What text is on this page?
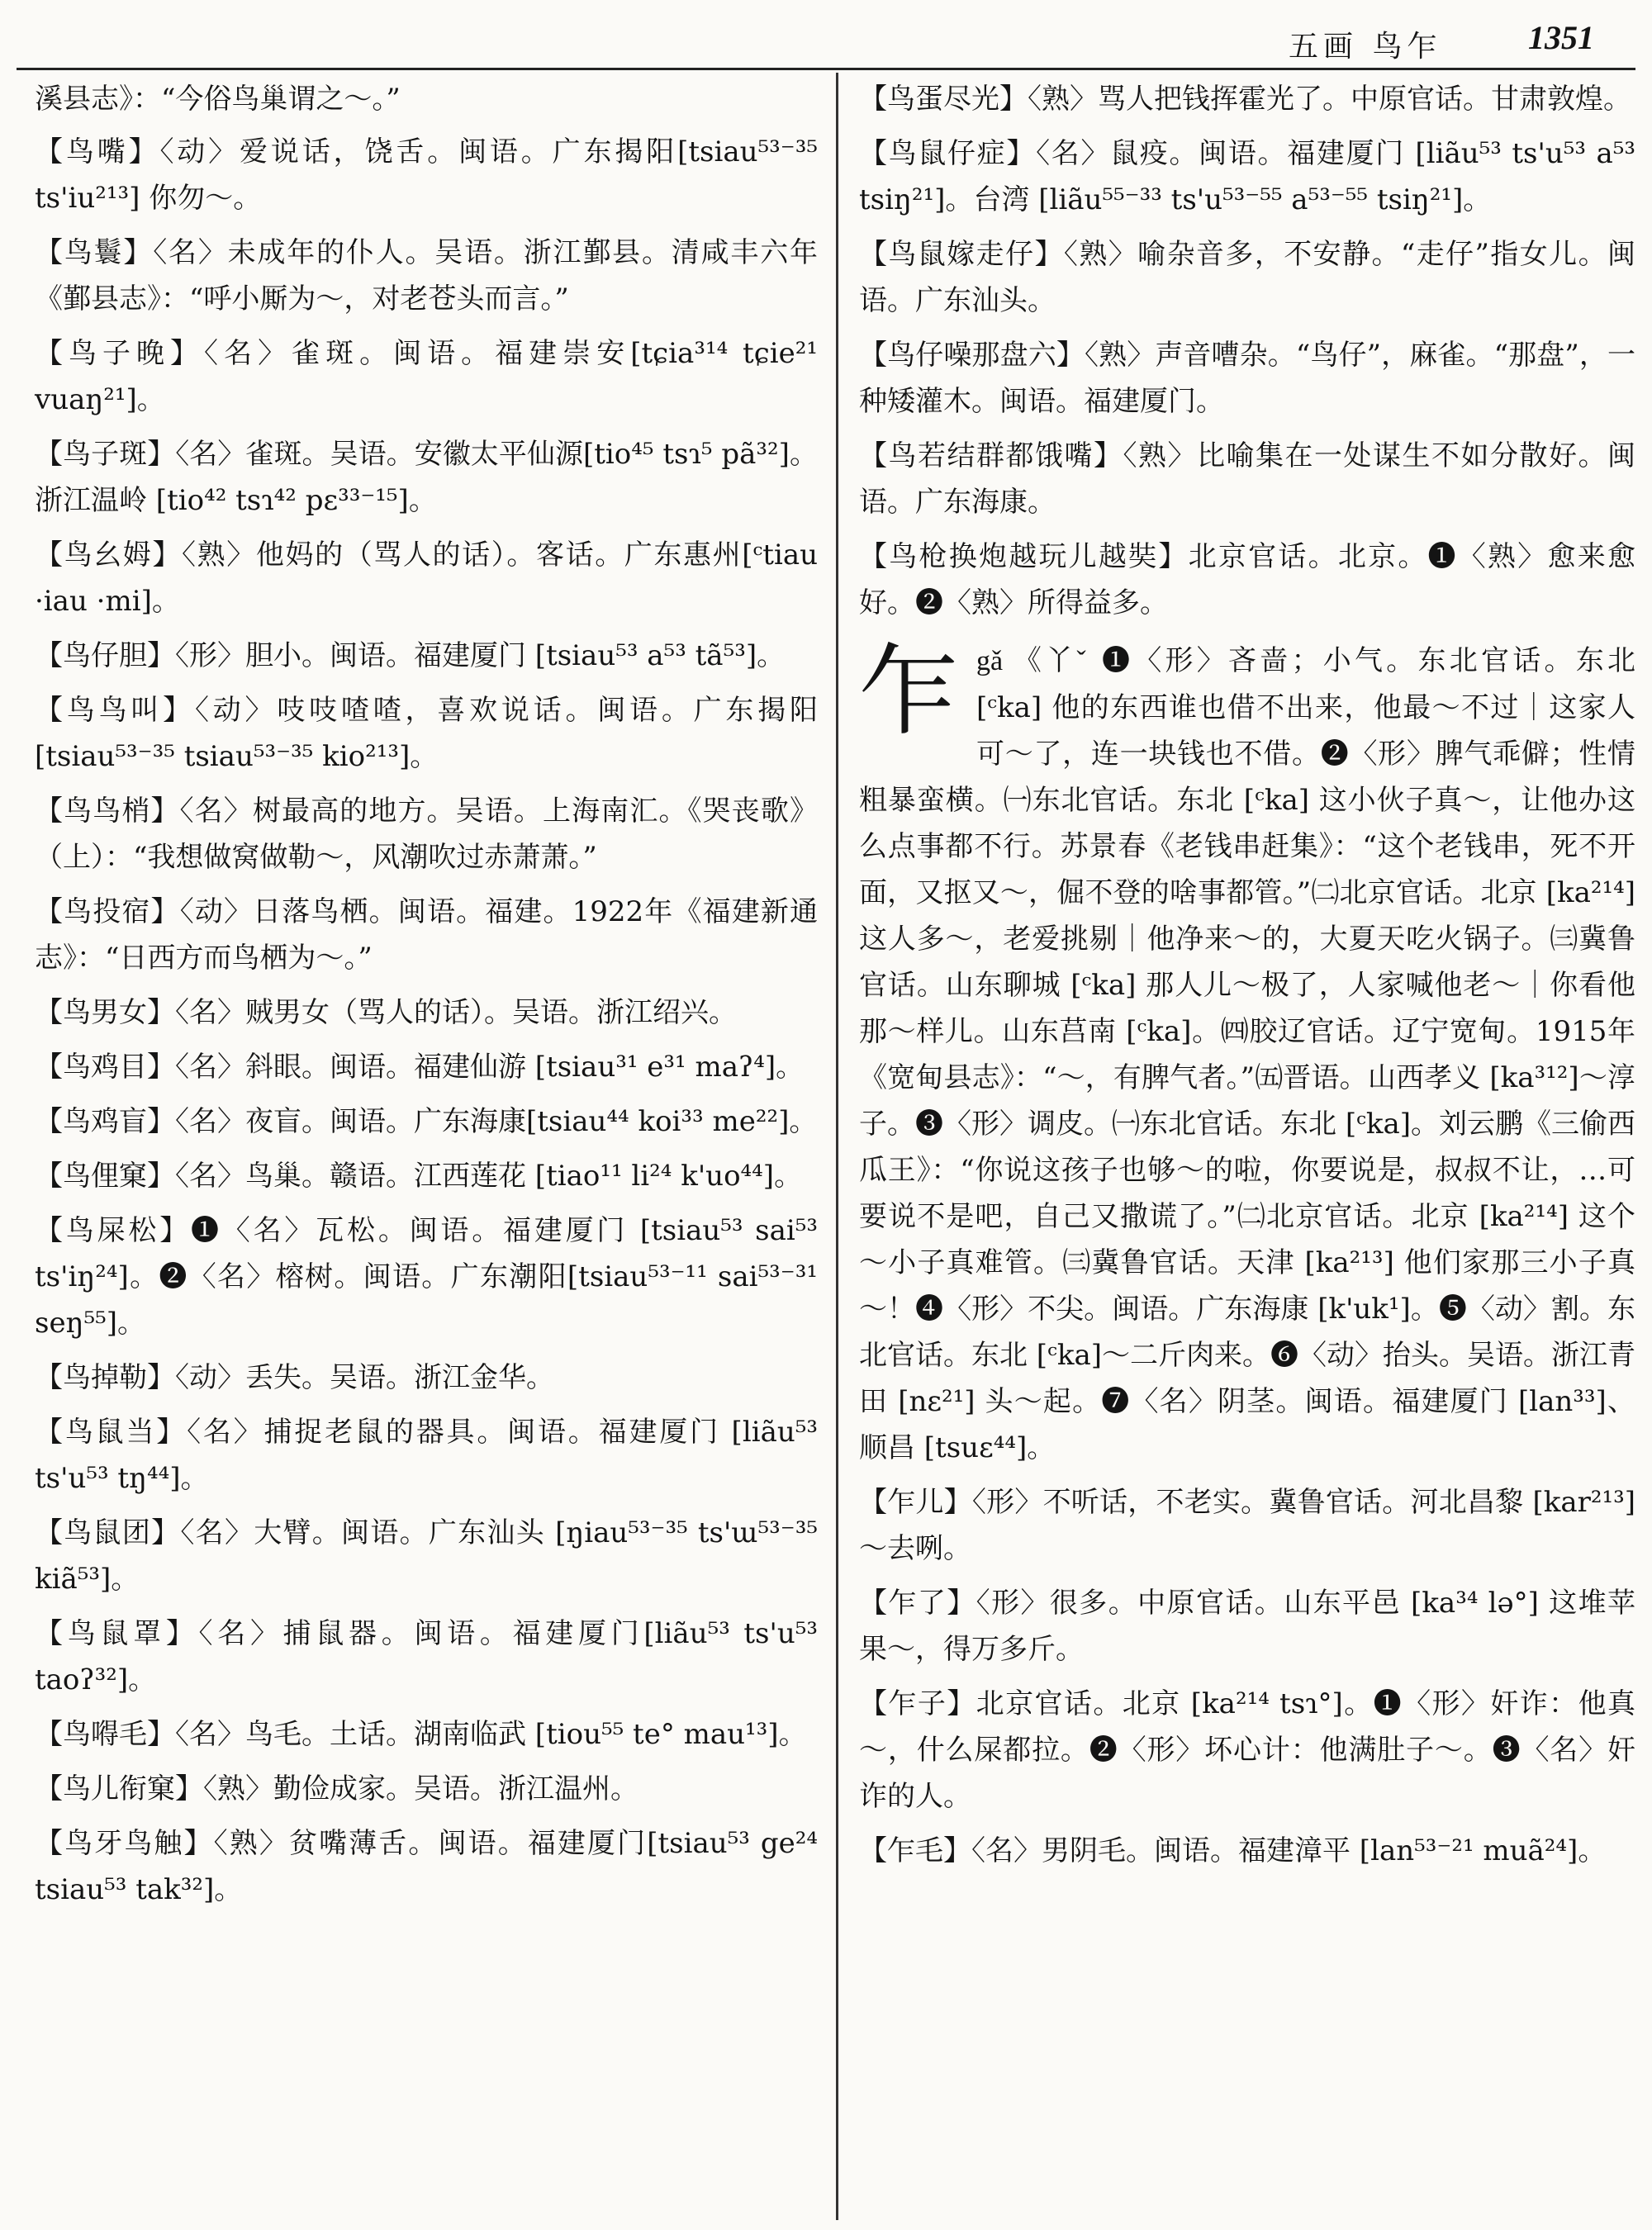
五画 鸟乍	1351
溪县志》：“今俗鸟巢谓之～。”
【鸟嘴】〈动〉爱说话，饶舌。闽语。广东揭阳[tsiau⁵³⁻³⁵ ts'iu²¹³] 你勿～。
【鸟鬟】〈名〉未成年的仆人。吴语。浙江鄞县。清咸丰六年《鄞县志》：“呼小厮为～，对老苍头而言。”
【鸟子晚】〈名〉雀斑。闽语。福建崇安[tɕia³¹⁴ tɕie²¹ vuaŋ²¹]。
【鸟子斑】〈名〉雀斑。吴语。安徽太平仙源[tio⁴⁵ tsɿ⁵ pã³²]。浙江温岭 [tio⁴² tsɿ⁴² pɛ³³⁻¹⁵]。
【鸟幺姆】〈熟〉他妈的（骂人的话）。客话。广东惠州[ᶜtiau ·iau ·mi]。
【鸟仔胆】〈形〉胆小。闽语。福建厦门 [tsiau⁵³ a⁵³ tã⁵³]。
【鸟鸟叫】〈动〉吱吱喳喳，喜欢说话。闽语。广东揭阳 [tsiau⁵³⁻³⁵ tsiau⁵³⁻³⁵ kio²¹³]。
【鸟鸟梢】〈名〉树最高的地方。吴语。上海南汇。《哭丧歌》（上）：“我想做窝做勒～，风潮吹过赤萧萧。”
【鸟投宿】〈动〉日落鸟栖。闽语。福建。1922年《福建新通志》：“日西方而鸟栖为～。”
【鸟男女】〈名〉贼男女（骂人的话）。吴语。浙江绍兴。
【鸟鸡目】〈名〉斜眼。闽语。福建仙游 [tsiau³¹ e³¹ maʔ⁴]。
【鸟鸡盲】〈名〉夜盲。闽语。广东海康[tsiau⁴⁴ koi³³ me²²]。
【鸟俚窠】〈名〉鸟巢。赣语。江西莲花 [tiao¹¹ li²⁴ k'uo⁴⁴]。
【鸟屎松】❶〈名〉瓦松。闽语。福建厦门 [tsiau⁵³ sai⁵³ ts'iŋ²⁴]。❷〈名〉榕树。闽语。广东潮阳[tsiau⁵³⁻¹¹ sai⁵³⁻³¹ seŋ⁵⁵]。
【鸟掉勒】〈动〉丢失。吴语。浙江金华。
【鸟鼠当】〈名〉捕捉老鼠的器具。闽语。福建厦门 [liãu⁵³ ts'u⁵³ tŋ⁴⁴]。
【鸟鼠团】〈名〉大臂。闽语。广东汕头 [ŋiau⁵³⁻³⁵ ts'ɯ⁵³⁻³⁵ kiã⁵³]。
【鸟鼠罩】〈名〉捕鼠器。闽语。福建厦门[liãu⁵³ ts'u⁵³ taoʔ³²]。
【鸟嘚毛】〈名〉鸟毛。土话。湖南临武 [tiou⁵⁵ te° mau¹³]。
【鸟儿衔窠】〈熟〉勤俭成家。吴语。浙江温州。
【鸟牙鸟触】〈熟〉贫嘴薄舌。闽语。福建厦门[tsiau⁵³ ge²⁴ tsiau⁵³ tak³²]。
【鸟蛋尽光】〈熟〉骂人把钱挥霍光了。中原官话。甘肃敦煌。
【鸟鼠仔症】〈名〉鼠疫。闽语。福建厦门 [liãu⁵³ ts'u⁵³ a⁵³ tsiŋ²¹]。台湾 [liãu⁵⁵⁻³³ ts'u⁵³⁻⁵⁵ a⁵³⁻⁵⁵ tsiŋ²¹]。
【鸟鼠嫁走仔】〈熟〉喻杂音多，不安静。“走仔”指女儿。闽语。广东汕头。
【鸟仔噪那盘六】〈熟〉声音嘈杂。“鸟仔”，麻雀。“那盘”，一种矮灌木。闽语。福建厦门。
【鸟若结群都饿嘴】〈熟〉比喻集在一处谋生不如分散好。闽语。广东海康。
【鸟枪换炮越玩儿越奘】北京官话。北京。❶〈熟〉愈来愈好。❷〈熟〉所得益多。
乍 gǎ 《丫ˇ ❶〈形〉吝啬；小气。东北官话。东北 [ᶜka] 他的东西谁也借不出来，他最～不过｜这家人可～了，连一块钱也不借。❷〈形〉脾气乖僻；性情粗暴蛮横。㈠东北官话。东北 [ᶜka] 这小伙子真～，让他办这么点事都不行。苏景春《老钱串赶集》：“这个老钱串，死不开面，又抠又～，倔不登的啥事都管。”㈡北京官话。北京 [ka²¹⁴] 这人多～，老爱挑剔｜他净来～的，大夏天吃火锅子。㈢冀鲁官话。山东聊城 [ᶜka] 那人儿～极了，人家喊他老～｜你看他那～样儿。山东莒南 [ᶜka]。㈣胶辽官话。辽宁宽甸。1915年《宽甸县志》：“～，有脾气者。”㈤晋语。山西孝义 [ka³¹²]～淳子。❸〈形〉调皮。㈠东北官话。东北 [ᶜka]。刘云鹏《三偷西瓜王》：“你说这孩子也够～的啦，你要说是，叔叔不让，…可要说不是吧，自己又撒谎了。”㈡北京官话。北京 [ka²¹⁴] 这个～小子真难管。㈢冀鲁官话。天津 [ka²¹³] 他们家那三小子真～！❹〈形〉不尖。闽语。广东海康 [k'uk¹]。❺〈动〉割。东北官话。东北 [ᶜka]～二斤肉来。❻〈动〉抬头。吴语。浙江青田 [nɛ²¹] 头～起。❼〈名〉阴茎。闽语。福建厦门 [lan³³]、顺昌 [tsuɛ⁴⁴]。
【乍儿】〈形〉不听话，不老实。冀鲁官话。河北昌黎 [kar²¹³]～去咧。
【乍了】〈形〉很多。中原官话。山东平邑 [ka³⁴ lə°] 这堆苹果～，得万多斤。
【乍子】北京官话。北京 [ka²¹⁴ tsɿ°]。❶〈形〉奸诈：他真～，什么屎都拉。❷〈形〉坏心计：他满肚子～。❸〈名〉奸诈的人。
【乍毛】〈名〉男阴毛。闽语。福建漳平 [lan⁵³⁻²¹ muã²⁴]。
